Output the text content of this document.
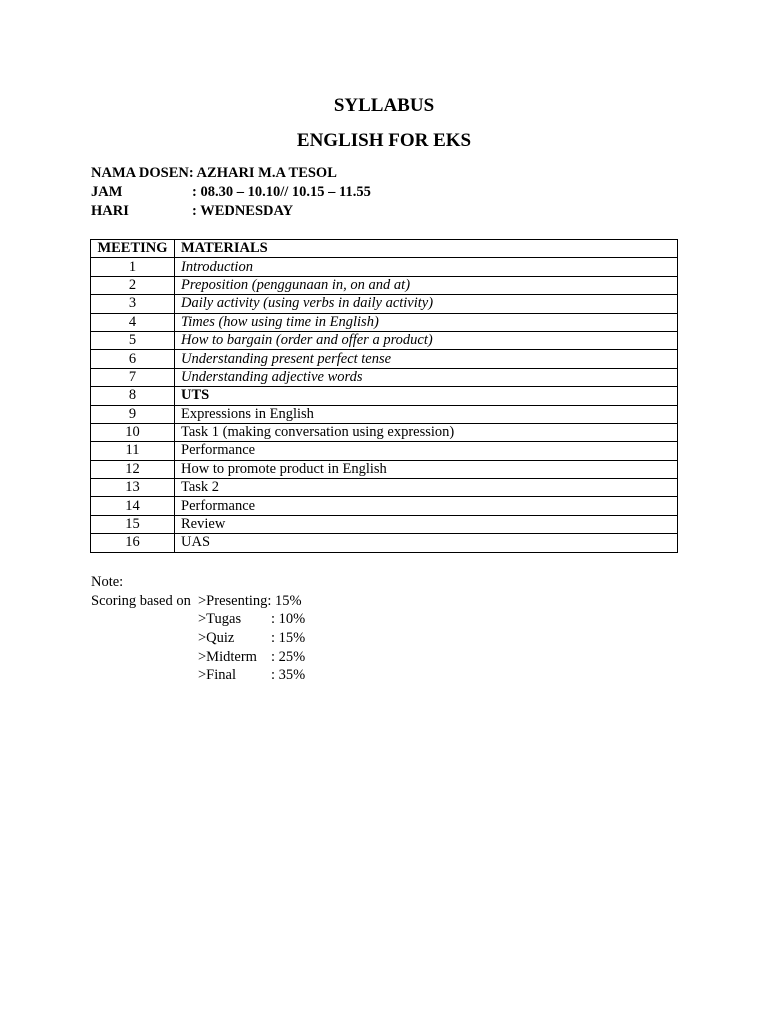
SYLLABUS
ENGLISH FOR EKS
NAMA DOSEN: AZHARI M.A TESOL
JAM	: 08.30 – 10.10// 10.15 – 11.55
HARI	: WEDNESDAY
MEETING	MATERIALS
1	Introduction
2	Preposition (penggunaan in, on and at)
3	Daily activity (using verbs in daily activity)
4	Times (how using time in English)
5	How to bargain (order and offer a product)
6	Understanding present perfect tense
7	Understanding adjective words
8	UTS
9	Expressions in English
10	Task 1 (making conversation using expression)
11	Performance
12	How to promote product in English
13	Task 2
14	Performance
15	Review
16	UAS
Note:
Scoring based on >Presenting: 15%
>Tugas : 10%
>Quiz	: 15%
>Midterm : 25%
>Final : 35%
